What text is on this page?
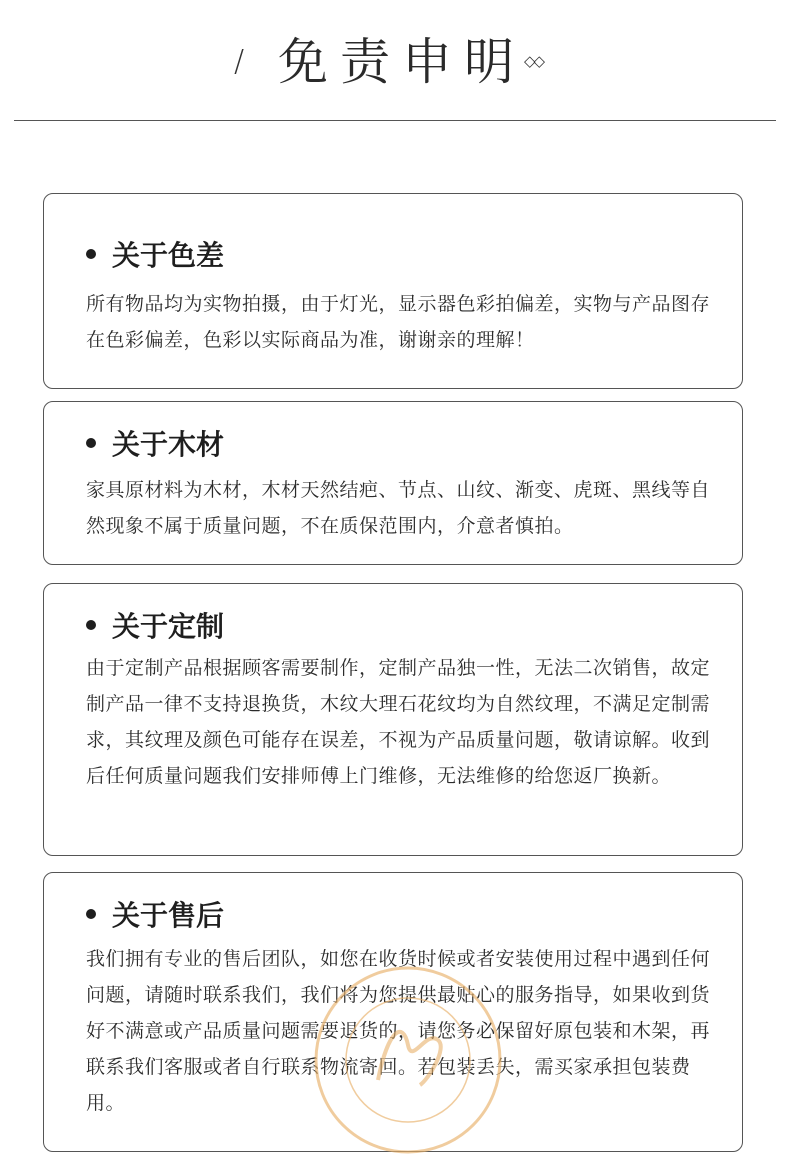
/ 免责申明
◇◇
关于色差
所有物品均为实物拍摄，由于灯光，显示器色彩拍偏差，实物与产品图存在色彩偏差，色彩以实际商品为准，谢谢亲的理解！
关于木材
家具原材料为木材，木材天然结疤、节点、山纹、渐变、虎斑、黑线等自然现象不属于质量问题，不在质保范围内，介意者慎拍。
关于定制
由于定制产品根据顾客需要制作，定制产品独一性，无法二次销售，故定制产品一律不支持退换货，木纹大理石花纹均为自然纹理，不满足定制需求，其纹理及颜色可能存在误差，不视为产品质量问题，敬请谅解。收到后任何质量问题我们安排师傅上门维修，无法维修的给您返厂换新。
关于售后
我们拥有专业的售后团队，如您在收货时候或者安装使用过程中遇到任何问题，请随时联系我们，我们将为您提供最贴心的服务指导，如果收到货好不满意或产品质量问题需要退货的，请您务必保留好原包装和木架，再联系我们客服或者自行联系物流寄回。若包装丢失，需买家承担包装费用。
